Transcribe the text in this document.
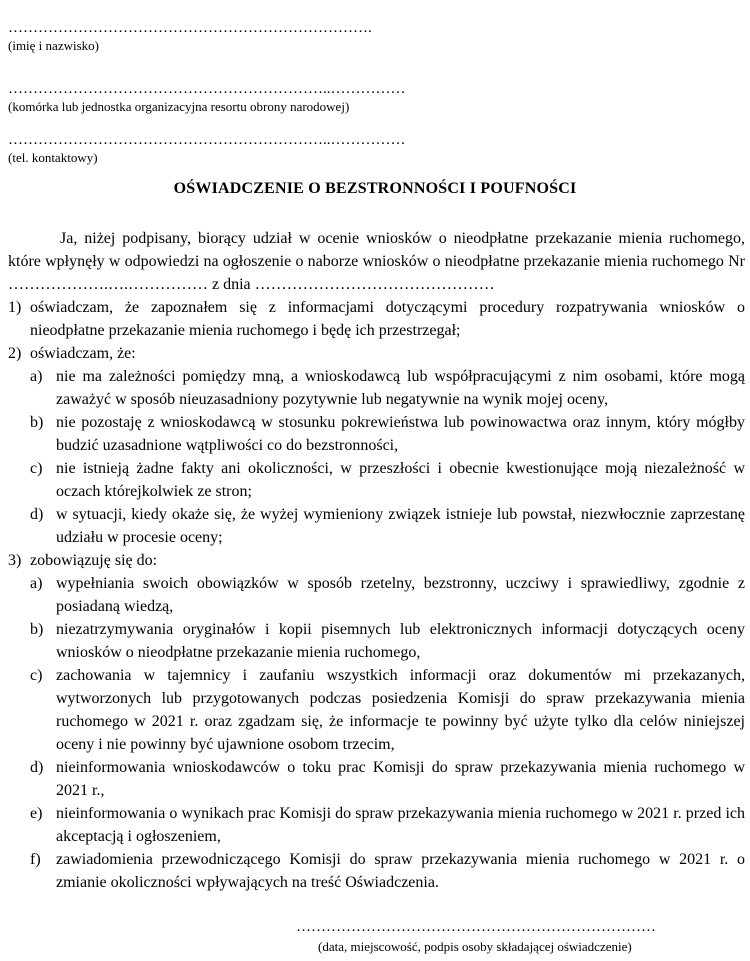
……………………………………………………………….
(imię i nazwisko)
………………………………………………………..……………
(komórka lub jednostka organizacyjna resortu obrony narodowej)
………………………………………………………..……………
(tel. kontaktowy)
OŚWIADCZENIE O BEZSTRONNOŚCI I POUFNOŚCI
Ja, niżej podpisany, biorący udział w ocenie wniosków o nieodpłatne przekazanie mienia ruchomego, które wpłynęły w odpowiedzi na ogłoszenie o naborze wniosków o nieodpłatne przekazanie mienia ruchomego Nr ……………….….…………… z dnia ………………………………………
1) oświadczam, że zapoznałem się z informacjami dotyczącymi procedury rozpatrywania wniosków o nieodpłatne przekazanie mienia ruchomego i będę ich przestrzegał;
2) oświadczam, że:
a) nie ma zależności pomiędzy mną, a wnioskodawcą lub współpracującymi z nim osobami, które mogą zaważyć w sposób nieuzasadniony pozytywnie lub negatywnie na wynik mojej oceny,
b) nie pozostaję z wnioskodawcą w stosunku pokrewieństwa lub powinowactwa oraz innym, który mógłby budzić uzasadnione wątpliwości co do bezstronności,
c) nie istnieją żadne fakty ani okoliczności, w przeszłości i obecnie kwestionujące moją niezależność w oczach którejkolwiek ze stron;
d) w sytuacji, kiedy okaże się, że wyżej wymieniony związek istnieje lub powstał, niezwłocznie zaprzestanę udziału w procesie oceny;
3) zobowiązuję się do:
a) wypełniania swoich obowiązków w sposób rzetelny, bezstronny, uczciwy i sprawiedliwy, zgodnie z posiadaną wiedzą,
b) niezatrzymywania oryginałów i kopii pisemnych lub elektronicznych informacji dotyczących oceny wniosków o nieodpłatne przekazanie mienia ruchomego,
c) zachowania w tajemnicy i zaufaniu wszystkich informacji oraz dokumentów mi przekazanych, wytworzonych lub przygotowanych podczas posiedzenia Komisji do spraw przekazywania mienia ruchomego w 2021 r. oraz zgadzam się, że informacje te powinny być użyte tylko dla celów niniejszej oceny i nie powinny być ujawnione osobom trzecim,
d) nieinformowania wnioskodawców o toku prac Komisji do spraw przekazywania mienia ruchomego w 2021 r.,
e) nieinformowania o wynikach prac Komisji do spraw przekazywania mienia ruchomego w 2021 r. przed ich akceptacją i ogłoszeniem,
f) zawiadomienia przewodniczącego Komisji do spraw przekazywania mienia ruchomego w 2021 r. o zmianie okoliczności wpływających na treść Oświadczenia.
………………………………………………………………
(data, miejscowość, podpis osoby składającej oświadczenie)
